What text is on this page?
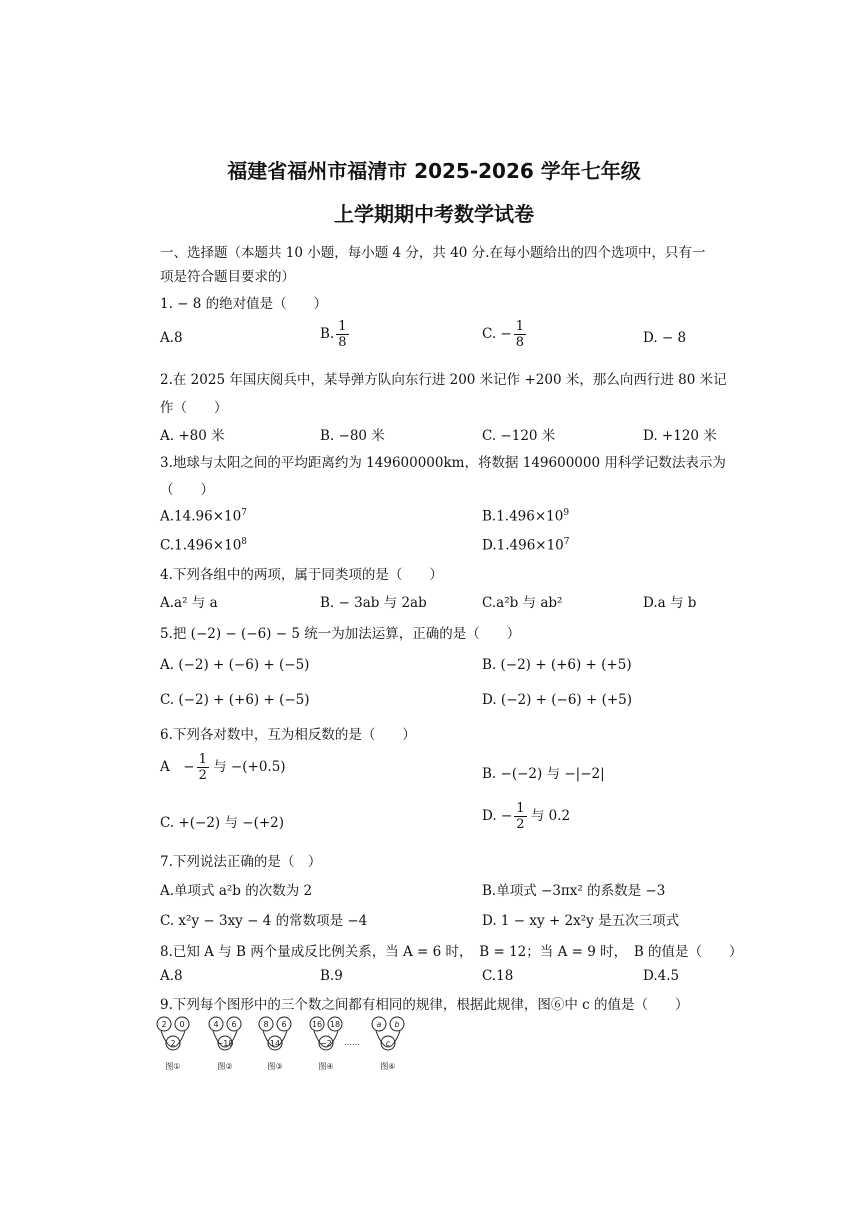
福建省福州市福清市 2025-2026 学年七年级
上学期期中考数学试卷
一、选择题（本题共 10 小题，每小题 4 分，共 40 分.在每小题给出的四个选项中，只有一
项是符合题目要求的）
1. − 8 的绝对值是（　　）
A.8	B. $\frac{1}{8}$	C. − $\frac{1}{8}$	D. − 8
2.在 2025 年国庆阅兵中，某导弹方队向东行进 200 米记作 +200 米，那么向西行进 80 米记
作（　　）
A. +80 米	B. −80 米	C. −120 米	D. +120 米
3.地球与太阳之间的平均距离约为 149600000km，将数据 149600000 用科学记数法表示为
（　　）
$A.14.96\times 10^7$	$B.1.496\times 10^9$
$C.1.496\times 10^8$	$D.1.496\times 10^7$
4.下列各组中的两项，属于同类项的是（　　）
A.a² 与 a	B. − 3ab 与 2ab	C.a²b 与 ab²	D.a 与 b
5.把 (−2) − (−6) − 5 统一为加法运算，正确的是（　　）
A. (−2) + (−6) + (−5)	B. (−2) + (+6) + (+5)
C. (−2) + (+6) + (−5)	D. (−2) + (−6) + (+5)
6.下列各对数中，互为相反数的是（　　）
A　− $\frac{1}{2}$ 与 −(+0.5)	B. −(−2) 与 −|−2|
C. +(−2) 与 −(+2)	D. − $\frac{1}{2}$ 与 0.2
7.下列说法正确的是（　）
A.单项式 a²b 的次数为 2	B.单项式 −3πx² 的系数是 −3
C. x²y − 3xy − 4 的常数项是 −4	D. 1 − xy + 2x²y 是五次三项式
8.已知 A 与 B 两个量成反比例关系，当 A = 6 时，　B = 12；当 A = 9 时，　B 的值是（　　）
A.8	B.9	C.18	D.4.5
9.下列每个图形中的三个数之间都有相同的规律，根据此规律，图⑥中 c 的值是（　　）
2 0
2
图①
4 6
−10
图②
8 6
14
图③
16 18
−2
图④
……
a b
c
图⑥
